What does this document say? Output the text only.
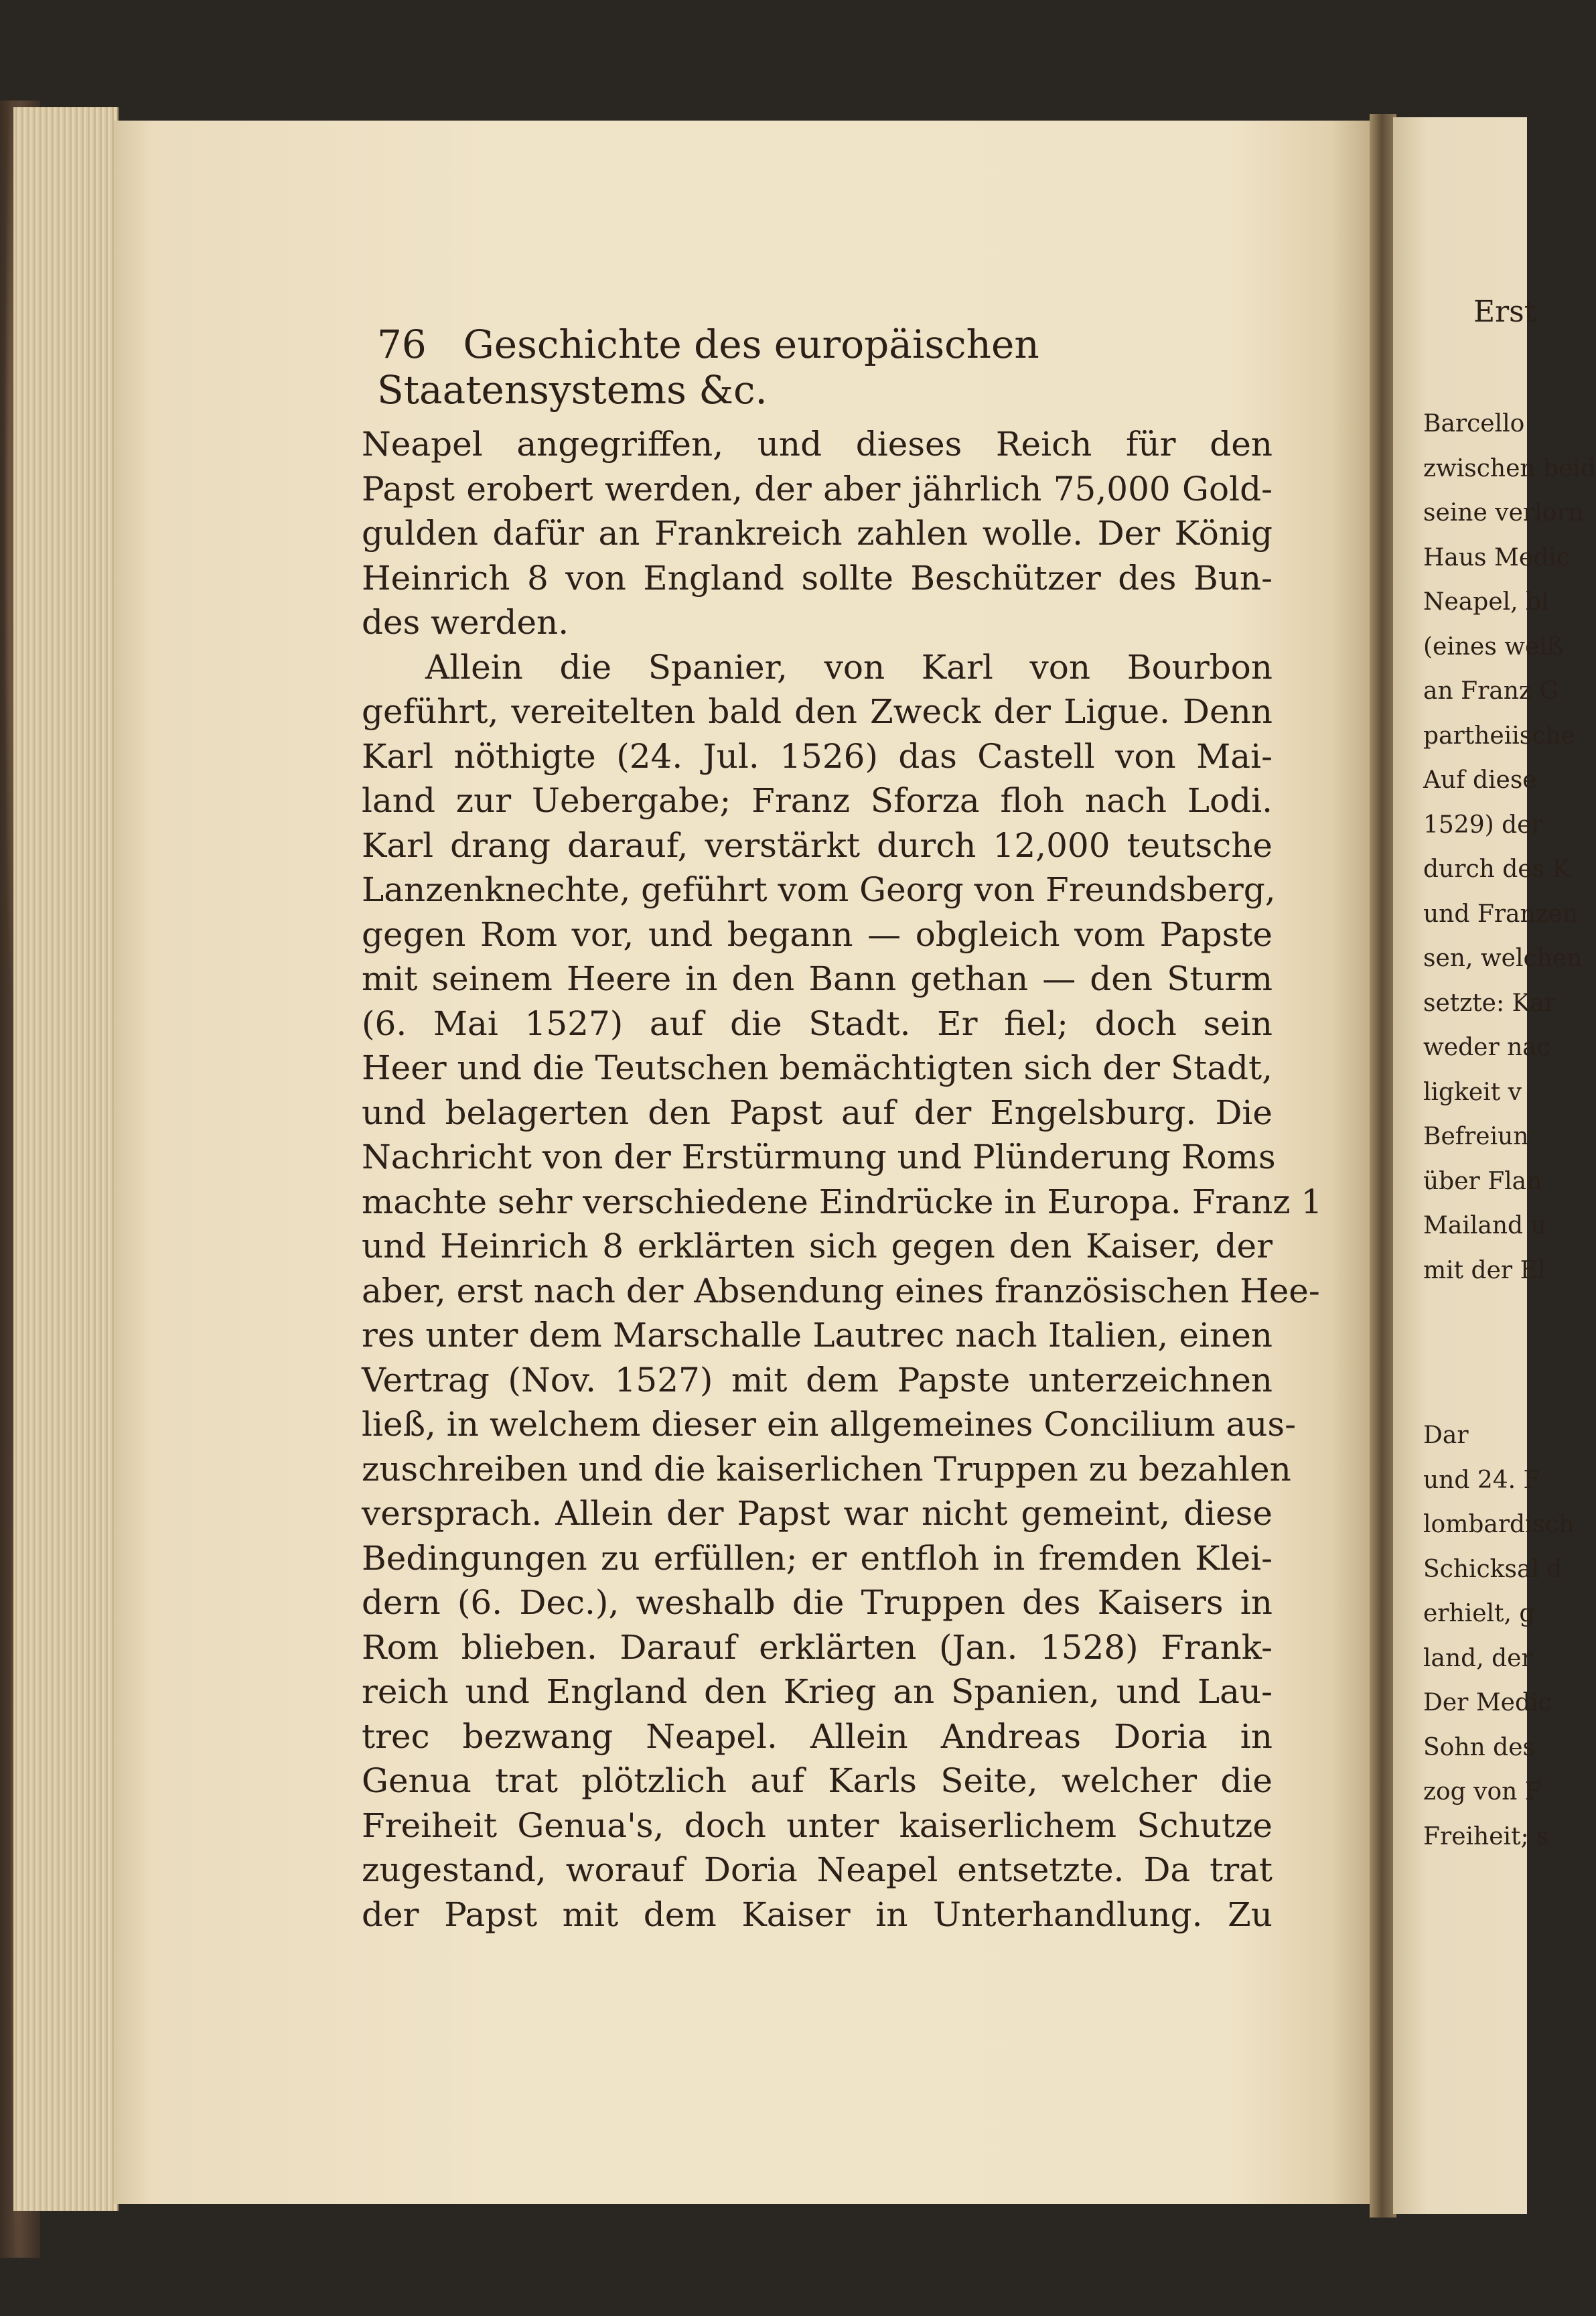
76 Geschichte des europäischen Staatensystems &c.
Neapel angegriffen, und dieses Reich für den
Papst erobert werden, der aber jährlich 75,000 Gold-
gulden dafür an Frankreich zahlen wolle. Der König
Heinrich 8 von England sollte Beschützer des Bun-
des werden.
Allein die Spanier, von Karl von Bourbon
geführt, vereitelten bald den Zweck der Ligue. Denn
Karl nöthigte (24. Jul. 1526) das Castell von Mai-
land zur Uebergabe; Franz Sforza floh nach Lodi.
Karl drang darauf, verstärkt durch 12,000 teutsche
Lanzenknechte, geführt vom Georg von Freundsberg,
gegen Rom vor, und begann — obgleich vom Papste
mit seinem Heere in den Bann gethan — den Sturm
(6. Mai 1527) auf die Stadt. Er fiel; doch sein
Heer und die Teutschen bemächtigten sich der Stadt,
und belagerten den Papst auf der Engelsburg. Die
Nachricht von der Erstürmung und Plünderung Roms
machte sehr verschiedene Eindrücke in Europa. Franz 1
und Heinrich 8 erklärten sich gegen den Kaiser, der
aber, erst nach der Absendung eines französischen Hee-
res unter dem Marschalle Lautrec nach Italien, einen
Vertrag (Nov. 1527) mit dem Papste unterzeichnen
ließ, in welchem dieser ein allgemeines Concilium aus-
zuschreiben und die kaiserlichen Truppen zu bezahlen
versprach. Allein der Papst war nicht gemeint, diese
Bedingungen zu erfüllen; er entfloh in fremden Klei-
dern (6. Dec.), weshalb die Truppen des Kaisers in
Rom blieben. Darauf erklärten (Jan. 1528) Frank-
reich und England den Krieg an Spanien, und Lau-
trec bezwang Neapel. Allein Andreas Doria in
Genua trat plötzlich auf Karls Seite, welcher die
Freiheit Genua's, doch unter kaiserlichem Schutze
zugestand, worauf Doria Neapel entsetzte. Da trat
der Papst mit dem Kaiser in Unterhandlung. Zu
Erst
Barcello
zwischen beid
seine verlorn
Haus Medic
Neapel, bl
(eines weiß
an Franz G
partheiische
Auf diese
1529) der
durch des K
und Franzen
sen, welchen
setzte: Kar
weder nac
ligkeit v
Befreiun
über Flan
Mailand u
mit der El
Dar
und 24. F
lombardisch
Schicksal d
erhielt, g
land, der
Der Medic
Sohn des
zog von F
Freiheit; s
